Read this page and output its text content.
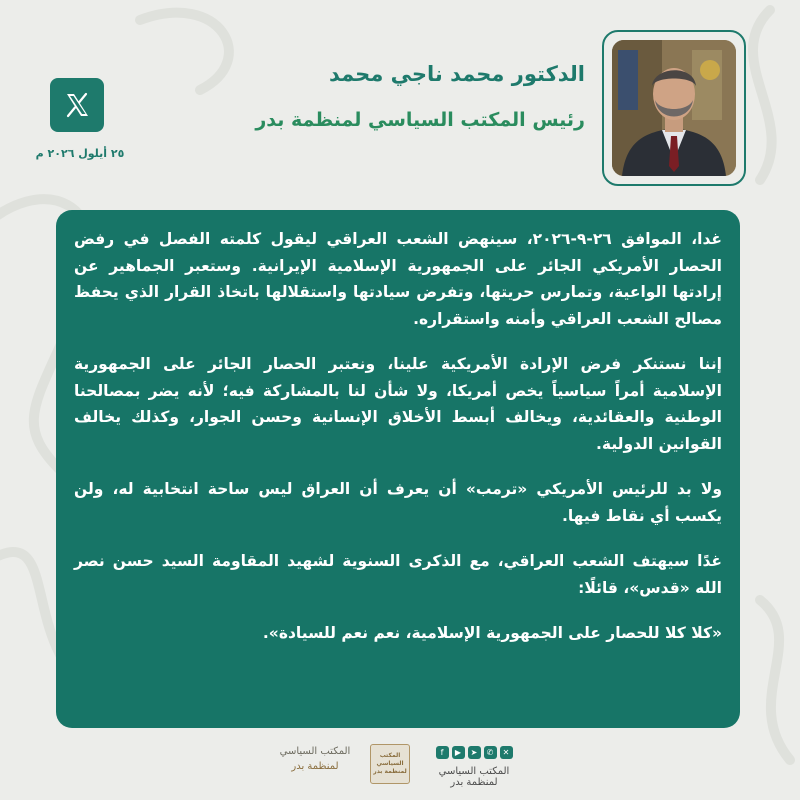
الدكتور محمد ناجي محمد
رئيس المكتب السياسي لمنظمة بدر
٢٥ أيلول ٢٠٢٦ م

غدا، الموافق ٢٦-٩-٢٠٢٦، سينهض الشعب العراقي ليقول كلمته الفصل في رفض الحصار الأمريكي الجائر على الجمهورية الإسلامية الإيرانية. وستعبر الجماهير عن إرادتها الواعية، وتمارس حريتها، وتفرض سيادتها واستقلالها باتخاذ القرار الذي يحفظ مصالح الشعب العراقي وأمنه واستقراره.

إننا نستنكر فرض الإرادة الأمريكية علينا، ونعتبر الحصار الجائر على الجمهورية الإسلامية أمراً سياسياً يخص أمريكا، ولا شأن لنا بالمشاركة فيه؛ لأنه يضر بمصالحنا الوطنية والعقائدية، ويخالف أبسط الأخلاق الإنسانية وحسن الجوار، وكذلك يخالف القوانين الدولية.

ولا بد للرئيس الأمريكي «ترمب» أن يعرف أن العراق ليس ساحة انتخابية له، ولن يكسب أي نقاط فيها.

غدًا سيهتف الشعب العراقي، مع الذكرى السنوية لشهيد المقاومة السيد حسن نصر الله «قدس»، قائلًا:

«كلا كلا للحصار على الجمهورية الإسلامية، نعم نعم للسيادة».

المكتب السياسي
لمنظمة بدر
المكتب السياسي لمنظمة بدر
f	▶	➤	✆	✕
المكتب السياسي لمنظمة بدر
